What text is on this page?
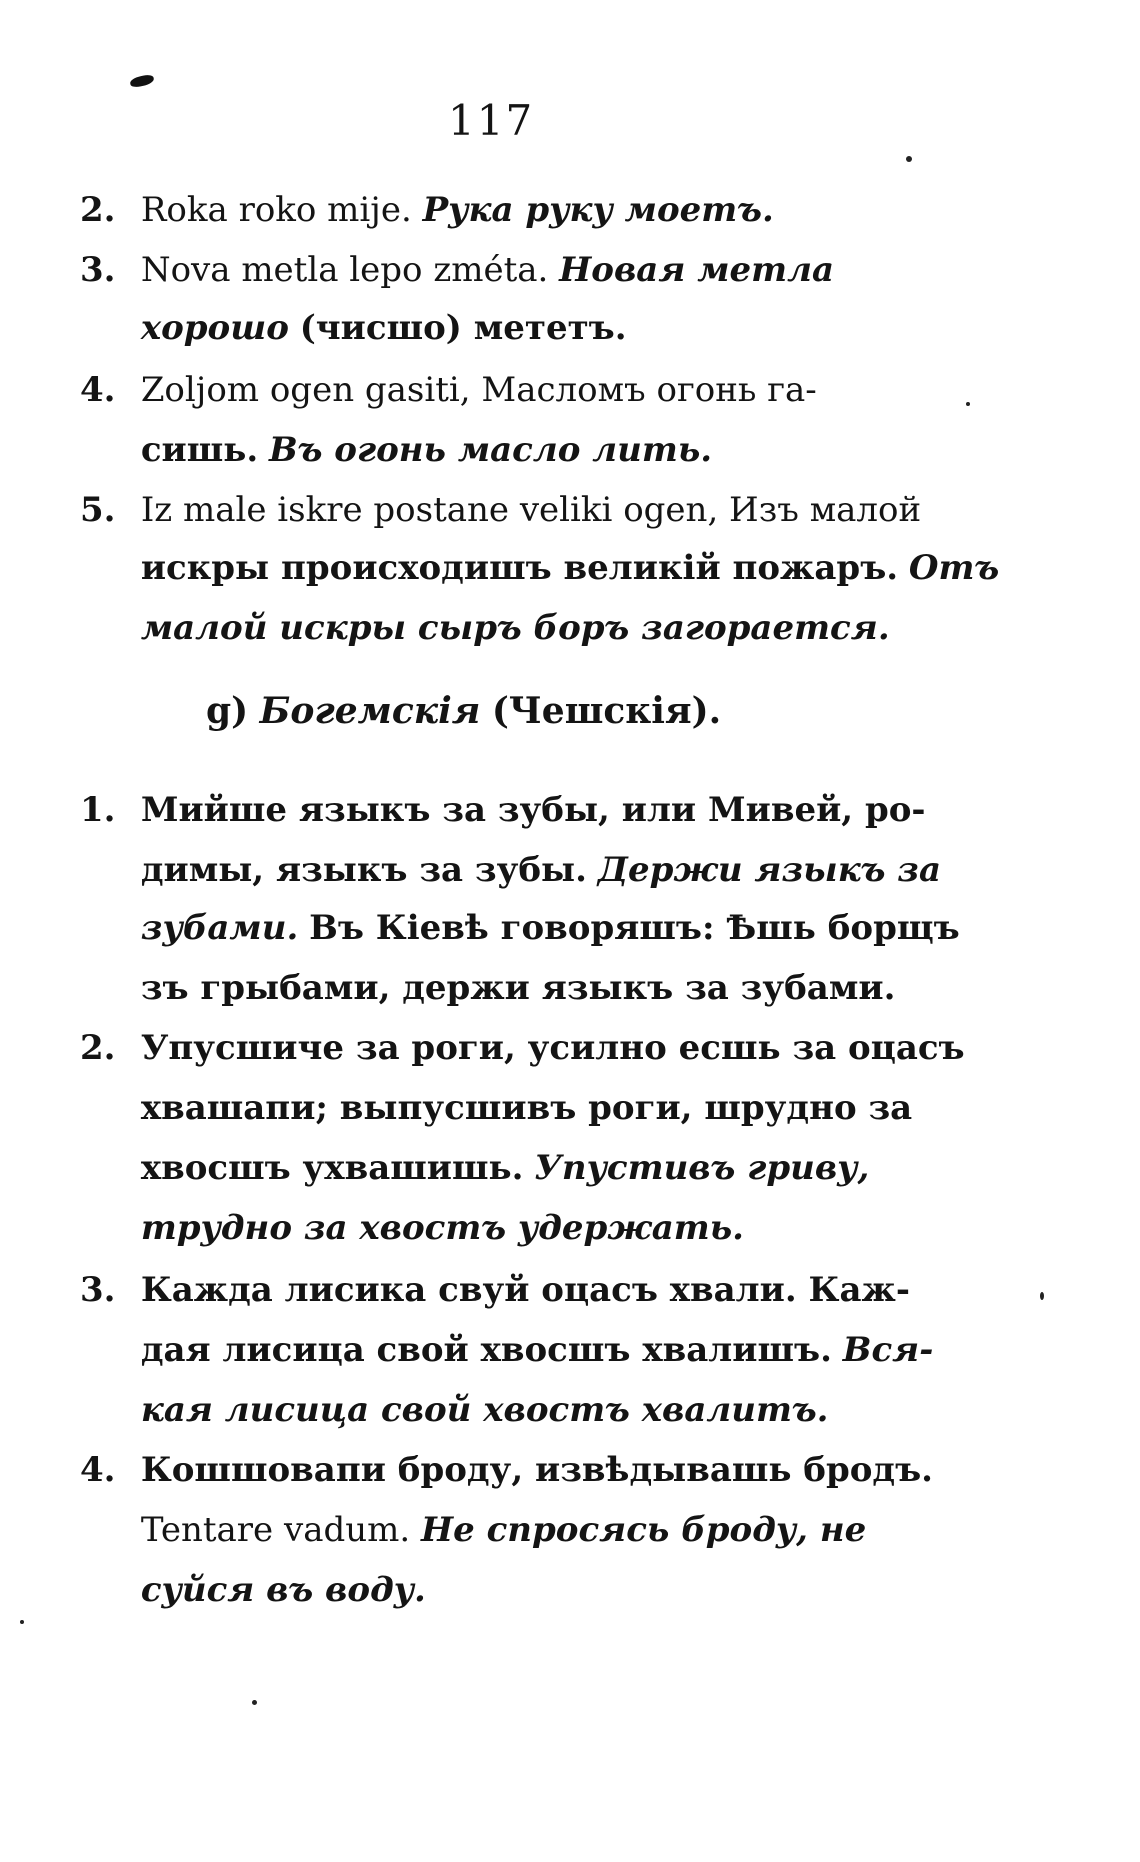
117
2. Roka roko mije. Рука руку моетъ.
3. Nova metla lepo zméta. Новая метла
хорошо (чисшо) мететъ.
4. Zoljom ogen gasiti, Масломъ огонь га-
сишь. Въ огонь масло лить.
5. Iz male iskre postane veliki ogen, Изъ малой
искры происходишъ великій пожаръ. Отъ
малой искры сыръ боръ загорается.
g) Богемскія (Чешскія).
1. Мийше языкъ за зубы, или Мивей, ро-
димы, языкъ за зубы. Держи языкъ за
зубами. Въ Кіевѣ говоряшъ: Ѣшь борщъ
зъ грыбами, держи языкъ за зубами.
2. Упусшиче за роги, усилно есшь за оцасъ
хвашапи; выпусшивъ роги, шрудно за
хвосшъ ухвашишь. Упустивъ гриву,
трудно за хвостъ удержать.
3. Кажда лисика свуй оцасъ хвали. Каж-
дая лисица свой хвосшъ хвалишъ. Вся-
кая лисица свой хвостъ хвалитъ.
4. Кошшовапи броду, извѣдывашь бродъ.
Tentare vadum. Не спросясь броду, не
суйся въ воду.
